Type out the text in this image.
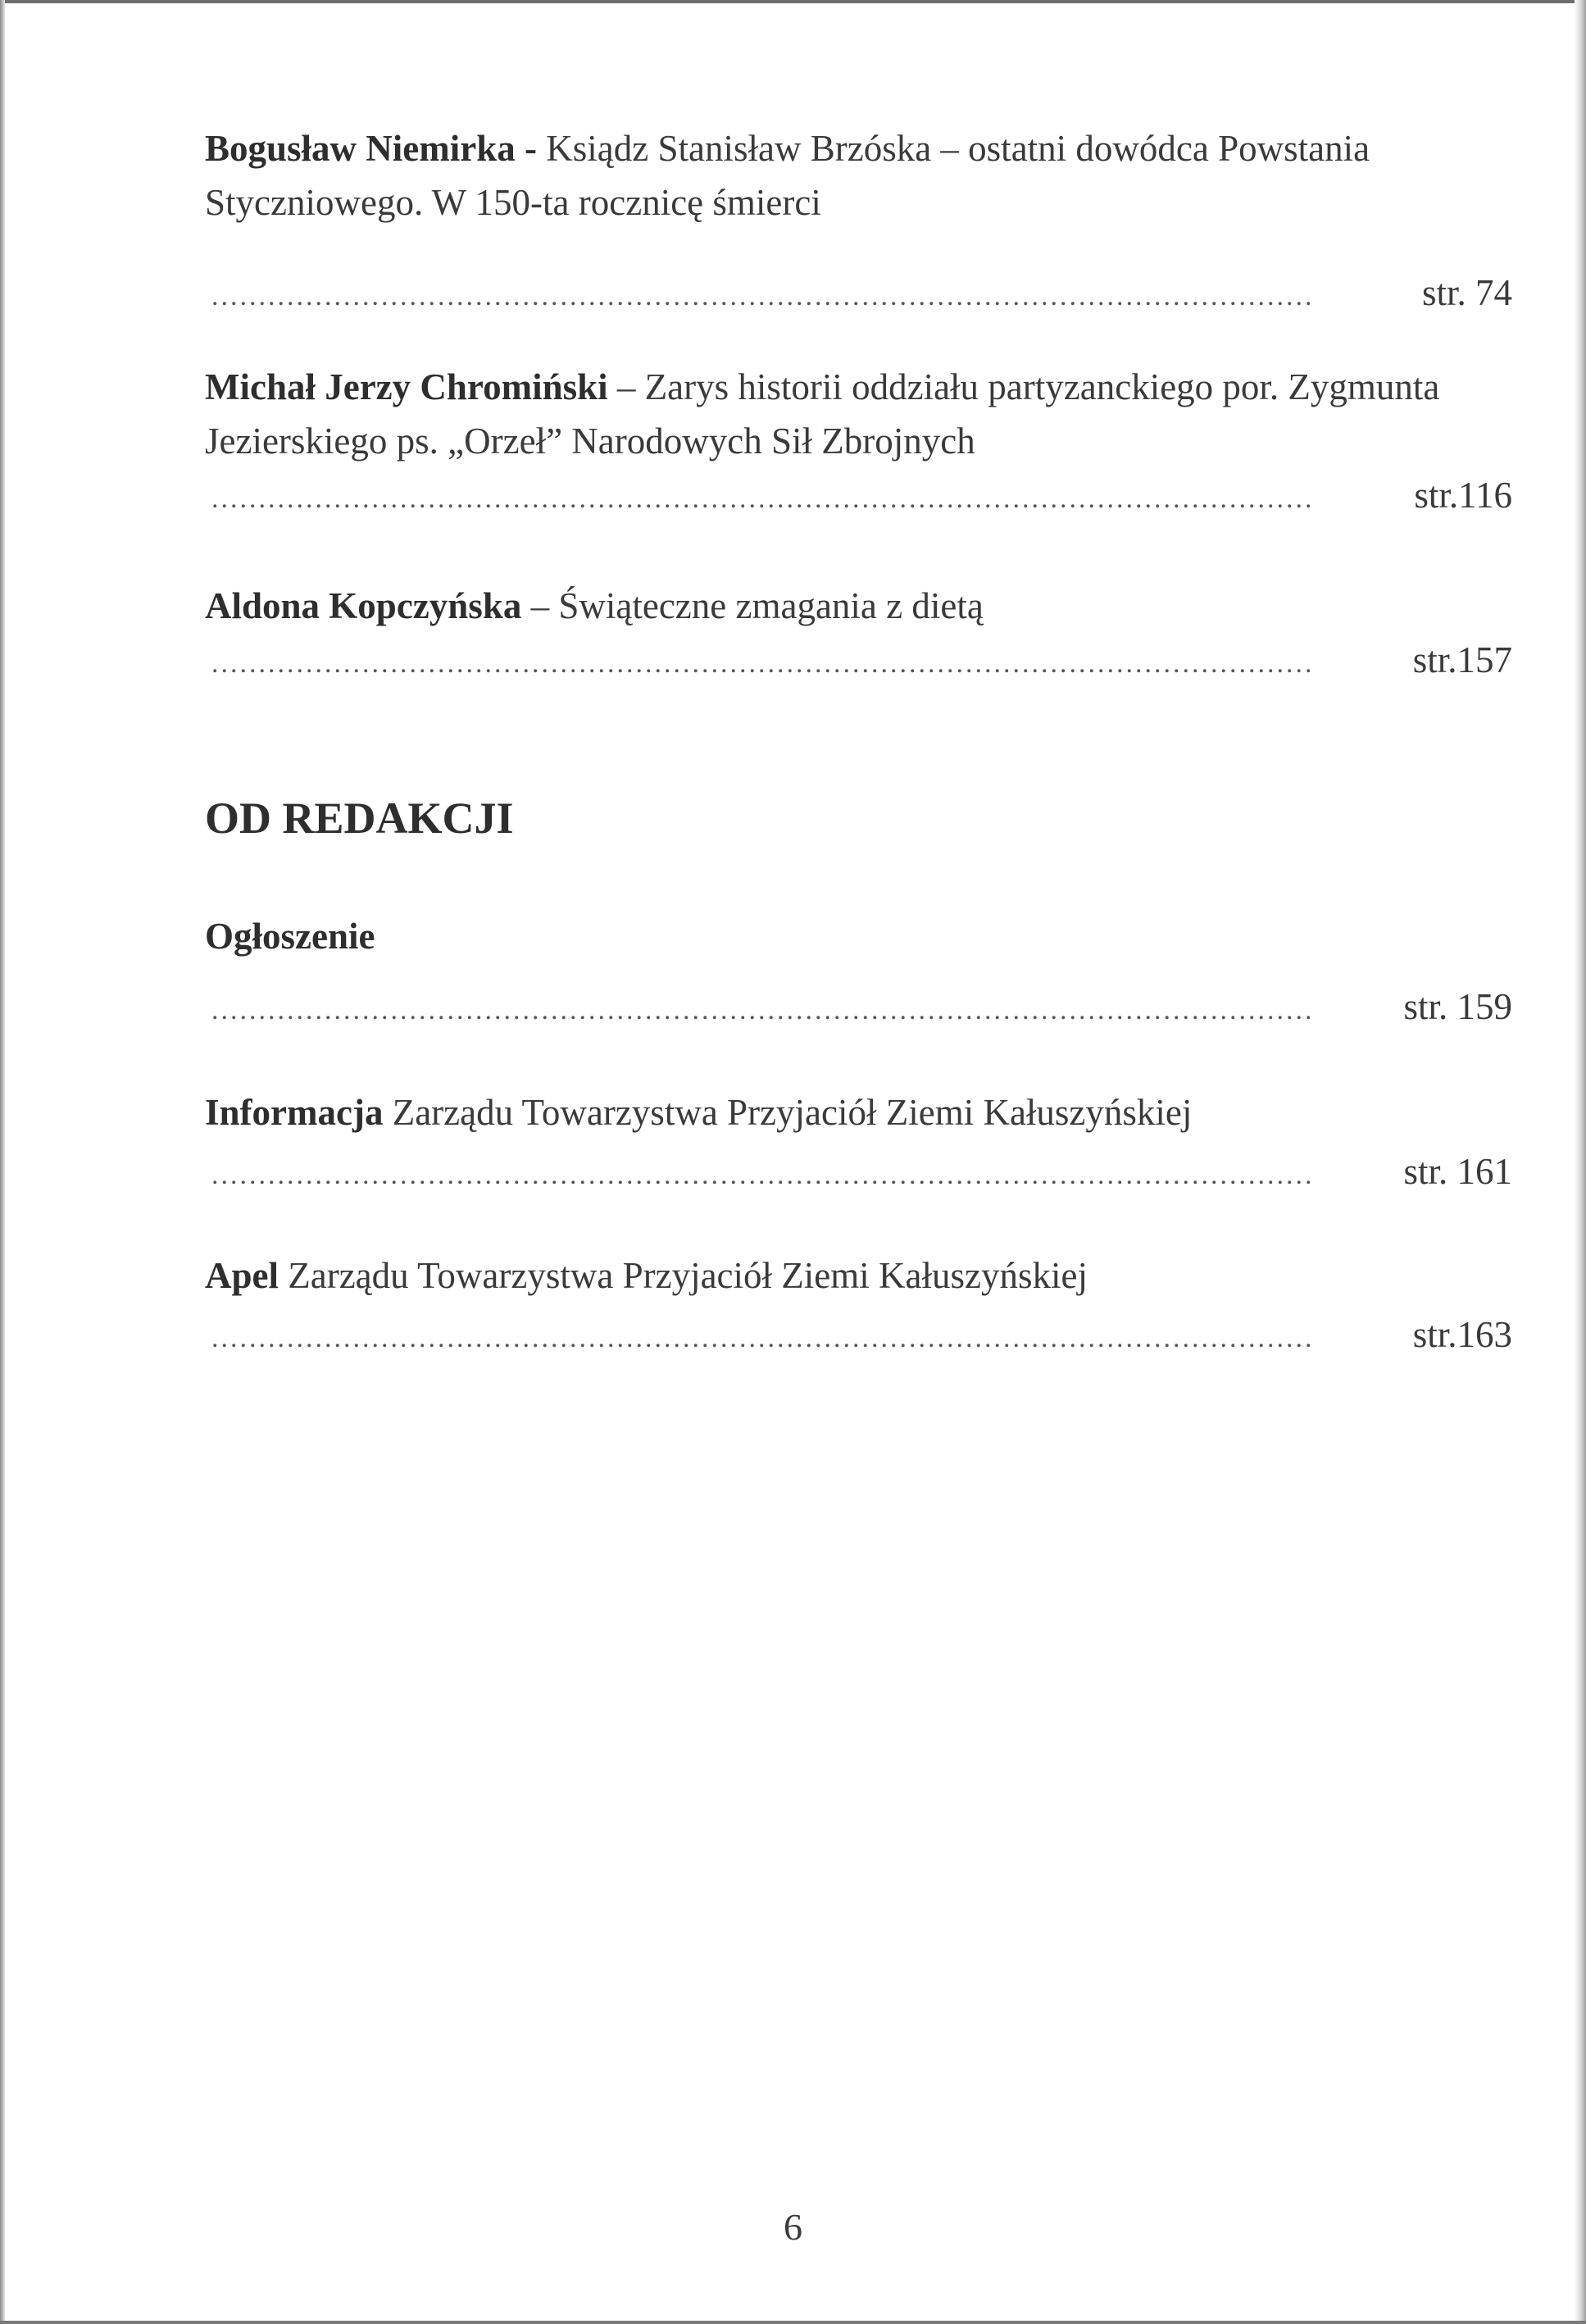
Bogusław Niemirka - Ksiądz Stanisław Brzóska – ostatni dowódca Powstania Styczniowego. W 150-ta rocznicę śmierci

.....................................................................................................................	str. 74

Michał Jerzy Chromiński – Zarys historii oddziału partyzanckiego por. Zygmunta Jezierskiego ps. „Orzeł” Narodowych Sił Zbrojnych

.....................................................................................................................	str.116

Aldona Kopczyńska – Świąteczne zmagania z dietą

.....................................................................................................................	str.157
OD REDAKCJI

Ogłoszenie

.....................................................................................................................	str. 159

Informacja Zarządu Towarzystwa Przyjaciół Ziemi Kałuszyńskiej

.....................................................................................................................	str. 161

Apel Zarządu Towarzystwa Przyjaciół Ziemi Kałuszyńskiej

.....................................................................................................................	str.163
6
